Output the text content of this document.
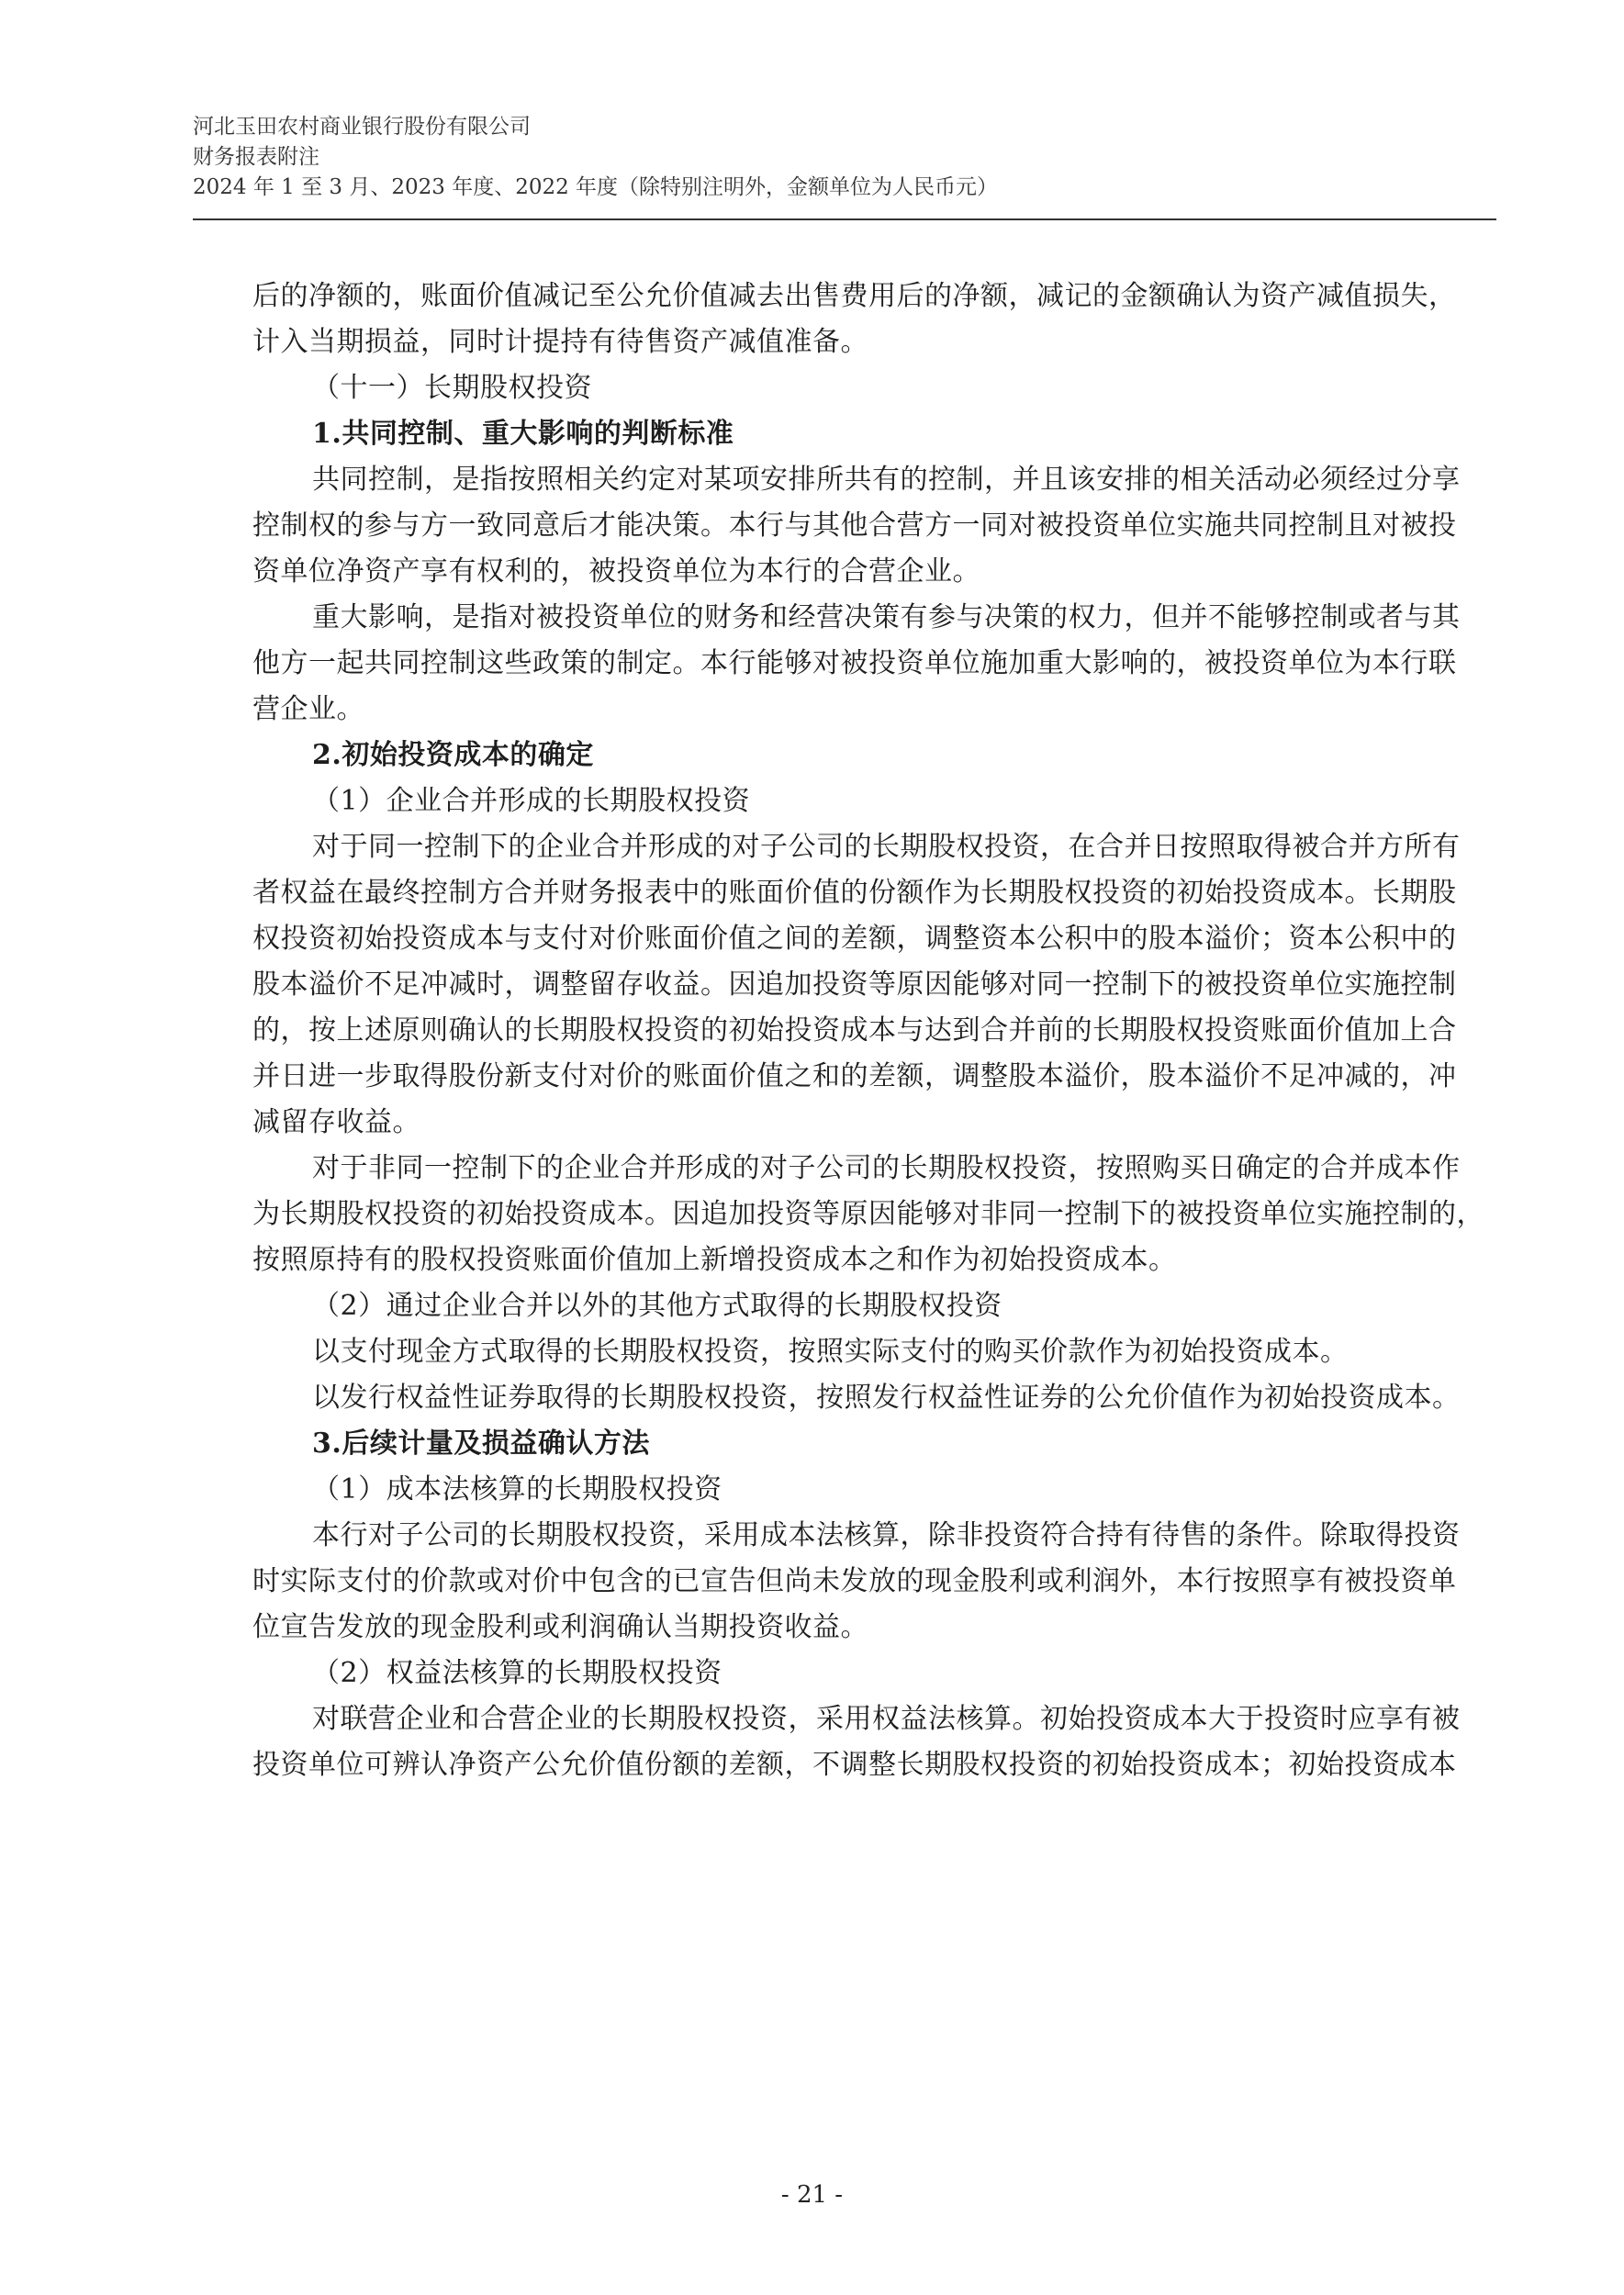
河北玉田农村商业银行股份有限公司
财务报表附注
2024 年 1 至 3 月、2023 年度、2022 年度（除特别注明外，金额单位为人民币元）

后的净额的，账面价值减记至公允价值减去出售费用后的净额，减记的金额确认为资产减值损失，

计入当期损益，同时计提持有待售资产减值准备。

（十一）长期股权投资

1.共同控制、重大影响的判断标准

共同控制，是指按照相关约定对某项安排所共有的控制，并且该安排的相关活动必须经过分享

控制权的参与方一致同意后才能决策。本行与其他合营方一同对被投资单位实施共同控制且对被投

资单位净资产享有权利的，被投资单位为本行的合营企业。

重大影响，是指对被投资单位的财务和经营决策有参与决策的权力，但并不能够控制或者与其

他方一起共同控制这些政策的制定。本行能够对被投资单位施加重大影响的，被投资单位为本行联

营企业。

2.初始投资成本的确定

（1）企业合并形成的长期股权投资

对于同一控制下的企业合并形成的对子公司的长期股权投资，在合并日按照取得被合并方所有

者权益在最终控制方合并财务报表中的账面价值的份额作为长期股权投资的初始投资成本。长期股

权投资初始投资成本与支付对价账面价值之间的差额，调整资本公积中的股本溢价；资本公积中的

股本溢价不足冲减时，调整留存收益。因追加投资等原因能够对同一控制下的被投资单位实施控制

的，按上述原则确认的长期股权投资的初始投资成本与达到合并前的长期股权投资账面价值加上合

并日进一步取得股份新支付对价的账面价值之和的差额，调整股本溢价，股本溢价不足冲减的，冲

减留存收益。

对于非同一控制下的企业合并形成的对子公司的长期股权投资，按照购买日确定的合并成本作

为长期股权投资的初始投资成本。因追加投资等原因能够对非同一控制下的被投资单位实施控制的，

按照原持有的股权投资账面价值加上新增投资成本之和作为初始投资成本。

（2）通过企业合并以外的其他方式取得的长期股权投资

以支付现金方式取得的长期股权投资，按照实际支付的购买价款作为初始投资成本。

以发行权益性证券取得的长期股权投资，按照发行权益性证券的公允价值作为初始投资成本。

3.后续计量及损益确认方法

（1）成本法核算的长期股权投资

本行对子公司的长期股权投资，采用成本法核算，除非投资符合持有待售的条件。除取得投资

时实际支付的价款或对价中包含的已宣告但尚未发放的现金股利或利润外，本行按照享有被投资单

位宣告发放的现金股利或利润确认当期投资收益。

（2）权益法核算的长期股权投资

对联营企业和合营企业的长期股权投资，采用权益法核算。初始投资成本大于投资时应享有被

投资单位可辨认净资产公允价值份额的差额，不调整长期股权投资的初始投资成本；初始投资成本

- 21 -
